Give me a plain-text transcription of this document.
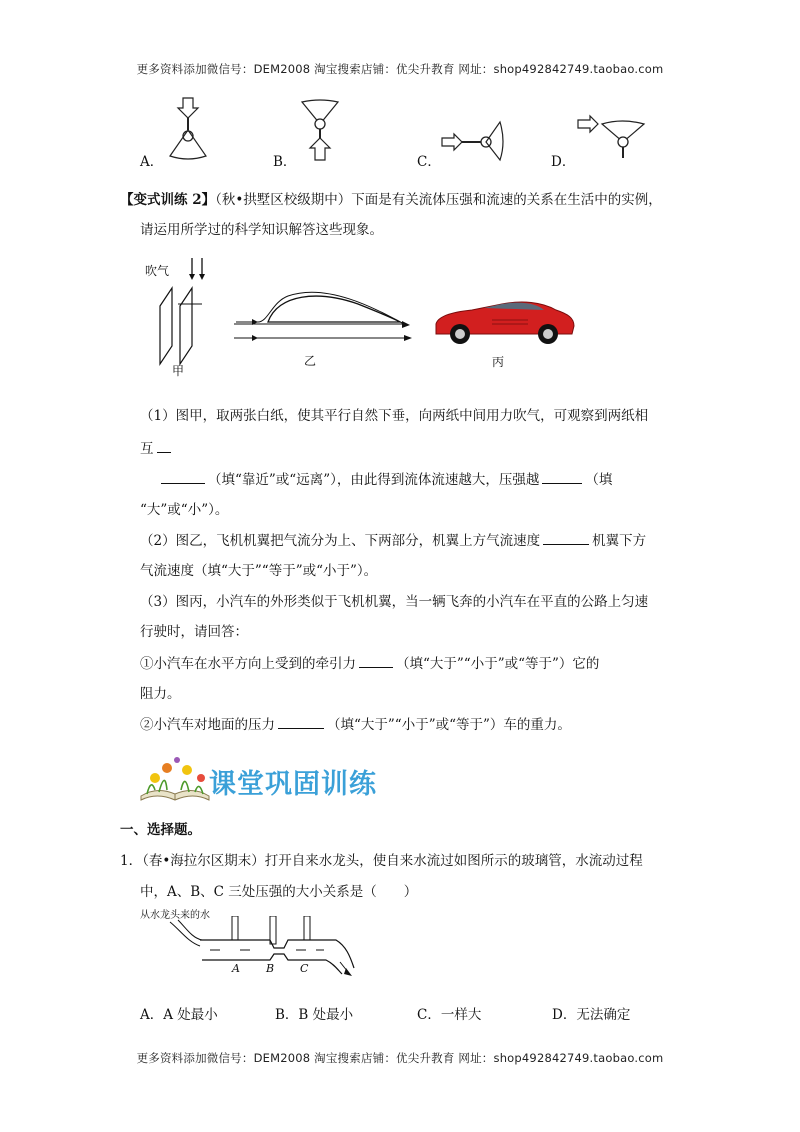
更多资料添加微信号：DEM2008 淘宝搜索店铺：优尖升教育 网址：shop492842749.taobao.com
A．	B．	C．	D．
【变式训练 2】（秋•拱墅区校级期中）下面是有关流体压强和流速的关系在生活中的实例，
请运用所学过的科学知识解答这些现象。
吹气
甲
乙	丙
（1）图甲，取两张白纸，使其平行自然下垂，向两纸中间用力吹气，可观察到两纸相
互
（填“靠近”或“远离”），由此得到流体流速越大，压强越	（填
“大”或“小”）。
（2）图乙，飞机机翼把气流分为上、下两部分，机翼上方气流速度	机翼下方
气流速度（填“大于”“等于”或“小于”）。
（3）图丙，小汽车的外形类似于飞机机翼，当一辆飞奔的小汽车在平直的公路上匀速
行驶时，请回答：
①小汽车在水平方向上受到的牵引力	（填“大于”“小于”或“等于”）它的
阻力。
②小汽车对地面的压力	（填“大于”“小于”或“等于”）车的重力。
课堂巩固训练
一、选择题。
1．（春•海拉尔区期末）打开自来水龙头，使自来水流过如图所示的玻璃管，水流动过程
中，A、B、C 三处压强的大小关系是（　　）
从水龙头来的水
A B C
A．A 处最小	B．B 处最小	C．一样大	D．无法确定
更多资料添加微信号：DEM2008 淘宝搜索店铺：优尖升教育 网址：shop492842749.taobao.com
